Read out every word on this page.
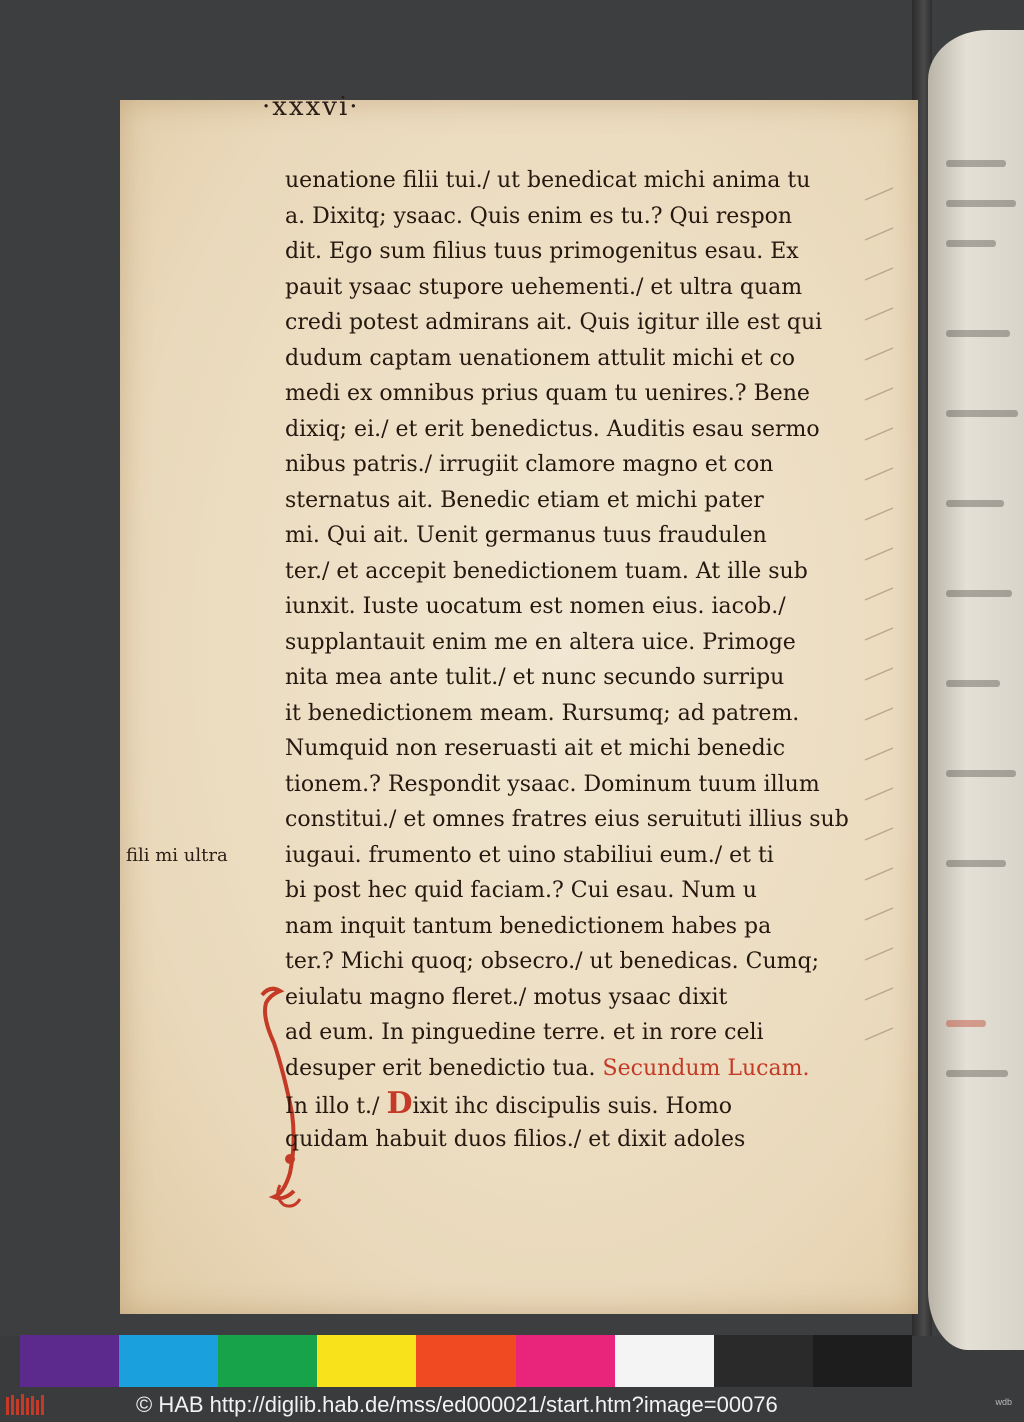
·xxxvi·
fili mi ultra
uenatione filii tui./ ut benedicat michi anima tu
a. Dixitq; ysaac. Quis enim es tu.? Qui respon
dit. Ego sum filius tuus primogenitus esau. Ex
pauit ysaac stupore uehementi./ et ultra quam
credi potest admirans ait. Quis igitur ille est qui
dudum captam uenationem attulit michi et co
medi ex omnibus prius quam tu uenires.? Bene
dixiq; ei./ et erit benedictus. Auditis esau sermo
nibus patris./ irrugiit clamore magno et con
sternatus ait. Benedic etiam et michi pater
mi. Qui ait. Uenit germanus tuus fraudulen
ter./ et accepit benedictionem tuam. At ille sub
iunxit. Iuste uocatum est nomen eius. iacob./
supplantauit enim me en altera uice. Primoge
nita mea ante tulit./ et nunc secundo surripu
it benedictionem meam. Rursumq; ad patrem.
Numquid non reseruasti ait et michi benedic
tionem.? Respondit ysaac. Dominum tuum illum
constitui./ et omnes fratres eius seruituti illius sub
iugaui. frumento et uino stabiliui eum./ et ti
bi post hec quid faciam.? Cui esau. Num u
nam inquit tantum benedictionem habes pa
ter.? Michi quoq; obsecro./ ut benedicas. Cumq;
eiulatu magno fleret./ motus ysaac dixit
ad eum. In pinguedine terre. et in rore celi
desuper erit benedictio tua. Secundum Lucam.
In illo t./ Dixit ihc discipulis suis. Homo
quidam habuit duos filios./ et dixit adoles
© HAB http://diglib.hab.de/mss/ed000021/start.htm?image=00076	wdb
